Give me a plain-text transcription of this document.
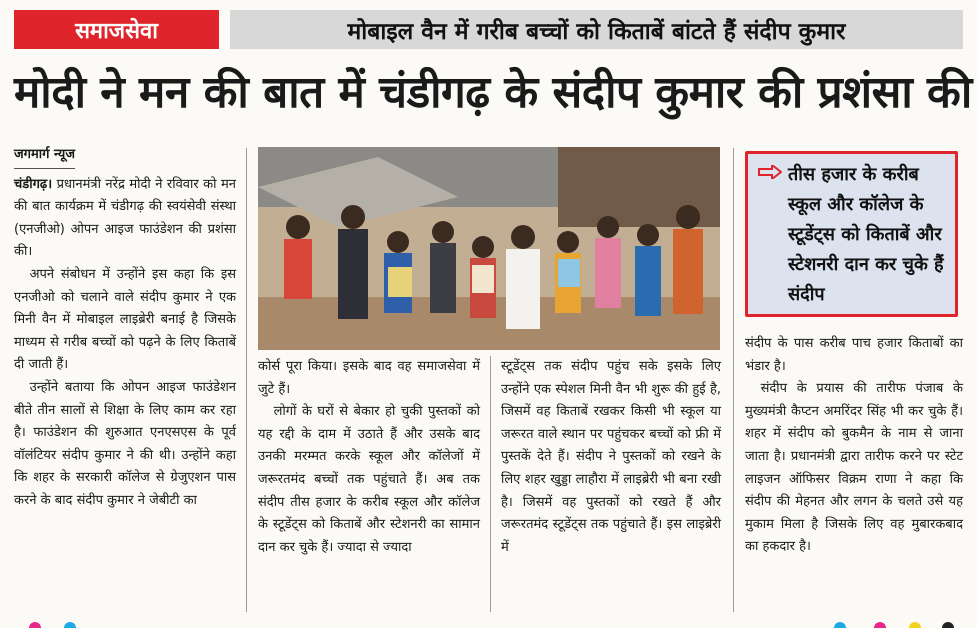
समाजसेवा	मोबाइल वैन में गरीब बच्चों को किताबें बांटते हैं संदीप कुमार
मोदी ने मन की बात में चंडीगढ़ के संदीप कुमार की प्रशंसा की
जगमार्ग न्यूज

चंडीगढ़। प्रधानमंत्री नरेंद्र मोदी ने रविवार को मन की बात कार्यक्रम में चंडीगढ़ की स्वयंसेवी संस्था (एनजीओ) ओपन आइज फाउंडेशन की प्रशंसा की।

अपने संबोधन में उन्होंने इस कहा कि इस एनजीओ को चलाने वाले संदीप कुमार ने एक मिनी वैन में मोबाइल लाइब्रेरी बनाई है जिसके माध्यम से गरीब बच्चों को पढ़ने के लिए किताबें दी जाती हैं।

उन्होंने बताया कि ओपन आइज फाउंडेशन बीते तीन सालों से शिक्षा के लिए काम कर रहा है। फाउंडेशन की शुरुआत एनएसएस के पूर्व वॉलंटियर संदीप कुमार ने की थी। उन्होंने कहा कि शहर के सरकारी कॉलेज से ग्रेजुएशन पास करने के बाद संदीप कुमार ने जेबीटी का

कोर्स पूरा किया। इसके बाद वह समाजसेवा में जुटे हैं।

लोगों के घरों से बेकार हो चुकी पुस्तकों को यह रद्दी के दाम में उठाते हैं और उसके बाद उनकी मरम्मत करके स्कूल और कॉलेजों में जरूरतमंद बच्चों तक पहुंचाते हैं। अब तक संदीप तीस हजार के करीब स्कूल और कॉलेज के स्टूडेंट्स को किताबें और स्टेशनरी का सामान दान कर चुके हैं। ज्यादा से ज्यादा

स्टूडेंट्स तक संदीप पहुंच सके इसके लिए उन्होंने एक स्पेशल मिनी वैन भी शुरू की हुई है, जिसमें वह किताबें रखकर किसी भी स्कूल या जरूरत वाले स्थान पर पहुंचकर बच्चों को फ्री में पुस्तकें देते हैं। संदीप ने पुस्तकों को रखने के लिए शहर खुड्डा लाहौरा में लाइब्रेरी भी बना रखी है। जिसमें वह पुस्तकों को रखते हैं और जरूरतमंद स्टूडेंट्स तक पहुंचाते हैं। इस लाइब्रेरी में

तीस हजार के करीब स्कूल और कॉलेज के स्टूडेंट्स को किताबें और स्टेशनरी दान कर चुके हैं संदीप

संदीप के पास करीब पाच हजार किताबों का भंडार है।

संदीप के प्रयास की तारीफ पंजाब के मुख्यमंत्री कैप्टन अमरिंदर सिंह भी कर चुके हैं। शहर में संदीप को बुकमैन के नाम से जाना जाता है। प्रधानमंत्री द्वारा तारीफ करने पर स्टेट लाइजन ऑफिसर विक्रम राणा ने कहा कि संदीप की मेहनत और लगन के चलते उसे यह मुकाम मिला है जिसके लिए वह मुबारकबाद का हकदार है।
